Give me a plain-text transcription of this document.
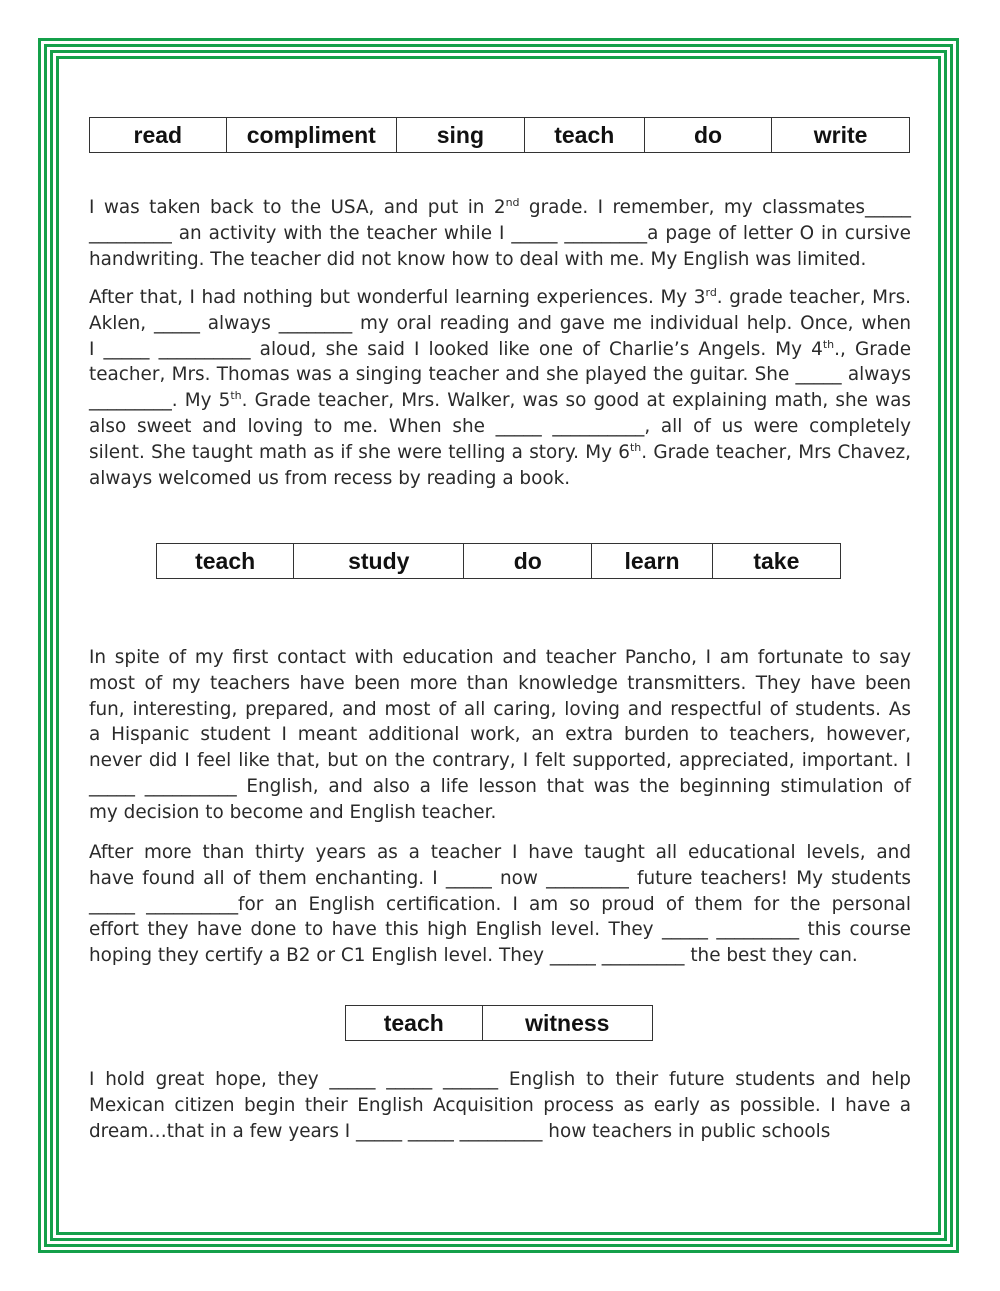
read	compliment	sing	teach	do	write

I was taken back to the USA, and put in 2nd grade. I remember, my classmates_____
_________ an activity with the teacher while I _____ _________a page of letter O in cursive
handwriting. The teacher did not know how to deal with me. My English was limited.

After that, I had nothing but wonderful learning experiences. My 3rd. grade teacher, Mrs.
Aklen, _____ always ________ my oral reading and gave me individual help. Once, when
I _____ __________ aloud, she said I looked like one of Charlie’s Angels. My 4th., Grade
teacher, Mrs. Thomas was a singing teacher and she played the guitar. She _____ always
_________. My 5th. Grade teacher, Mrs. Walker, was so good at explaining math, she was
also sweet and loving to me. When she _____ __________, all of us were completely
silent. She taught math as if she were telling a story. My 6th. Grade teacher, Mrs Chavez,
always welcomed us from recess by reading a book.

teach	study	do	learn	take

In spite of my first contact with education and teacher Pancho, I am fortunate to say
most of my teachers have been more than knowledge transmitters. They have been
fun, interesting, prepared, and most of all caring, loving and respectful of students. As
a Hispanic student I meant additional work, an extra burden to teachers, however,
never did I feel like that, but on the contrary, I felt supported, appreciated, important. I
_____ __________ English, and also a life lesson that was the beginning stimulation of
my decision to become and English teacher.

After more than thirty years as a teacher I have taught all educational levels, and
have found all of them enchanting. I _____ now _________ future teachers! My students
_____ __________for an English certification. I am so proud of them for the personal
effort they have done to have this high English level. They _____ _________ this course
hoping they certify a B2 or C1 English level. They _____ _________ the best they can.

teach	witness

I hold great hope, they _____ _____ ______ English to their future students and help
Mexican citizen begin their English Acquisition process as early as possible. I have a
dream…that in a few years I _____ _____ _________ how teachers in public schools
